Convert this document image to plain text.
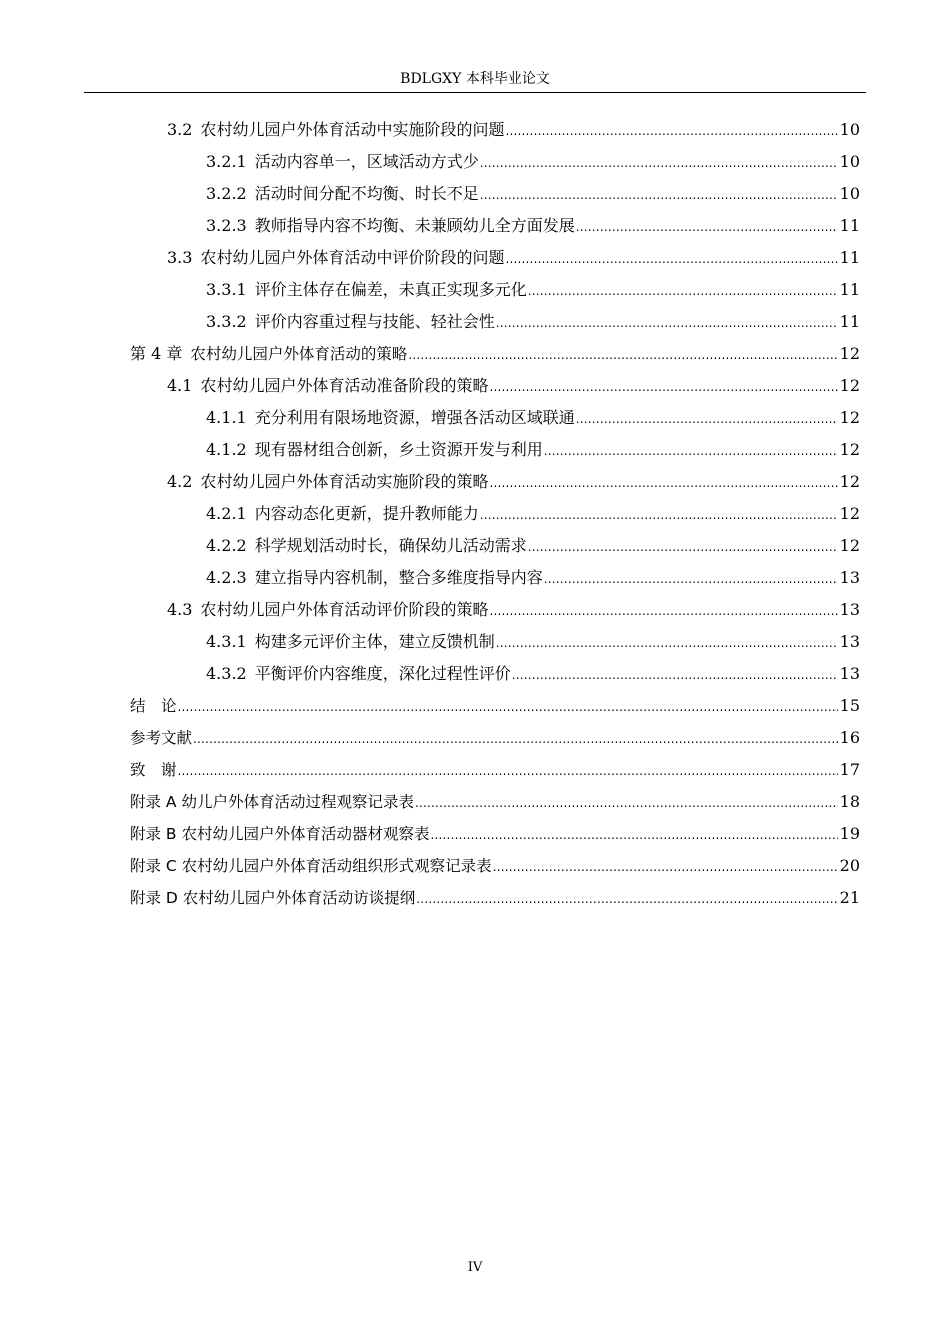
BDLGXY 本科毕业论文
3.2 农村幼儿园户外体育活动中实施阶段的问题 .....	10
3.2.1 活动内容单一，区域活动方式少 .....	10
3.2.2 活动时间分配不均衡、时长不足 .....	10
3.2.3 教师指导内容不均衡、未兼顾幼儿全方面发展 .....	11
3.3 农村幼儿园户外体育活动中评价阶段的问题 .....	11
3.3.1 评价主体存在偏差，未真正实现多元化 .....	11
3.3.2 评价内容重过程与技能、轻社会性 .....	11
第 4 章 农村幼儿园户外体育活动的策略 .....	12
4.1 农村幼儿园户外体育活动准备阶段的策略 .....	12
4.1.1 充分利用有限场地资源，增强各活动区域联通 .....	12
4.1.2 现有器材组合创新，乡土资源开发与利用 .....	12
4.2 农村幼儿园户外体育活动实施阶段的策略 .....	12
4.2.1 内容动态化更新，提升教师能力 .....	12
4.2.2 科学规划活动时长，确保幼儿活动需求 .....	12
4.2.3 建立指导内容机制，整合多维度指导内容 .....	13
4.3 农村幼儿园户外体育活动评价阶段的策略 .....	13
4.3.1 构建多元评价主体，建立反馈机制 .....	13
4.3.2 平衡评价内容维度，深化过程性评价 .....	13
结　论 .....	15
参考文献 .....	16
致　谢 .....	17
附录 A 幼儿户外体育活动过程观察记录表 .....	18
附录 B 农村幼儿园户外体育活动器材观察表 .....	19
附录 C 农村幼儿园户外体育活动组织形式观察记录表 .....	20
附录 D 农村幼儿园户外体育活动访谈提纲 .....	21
IV
